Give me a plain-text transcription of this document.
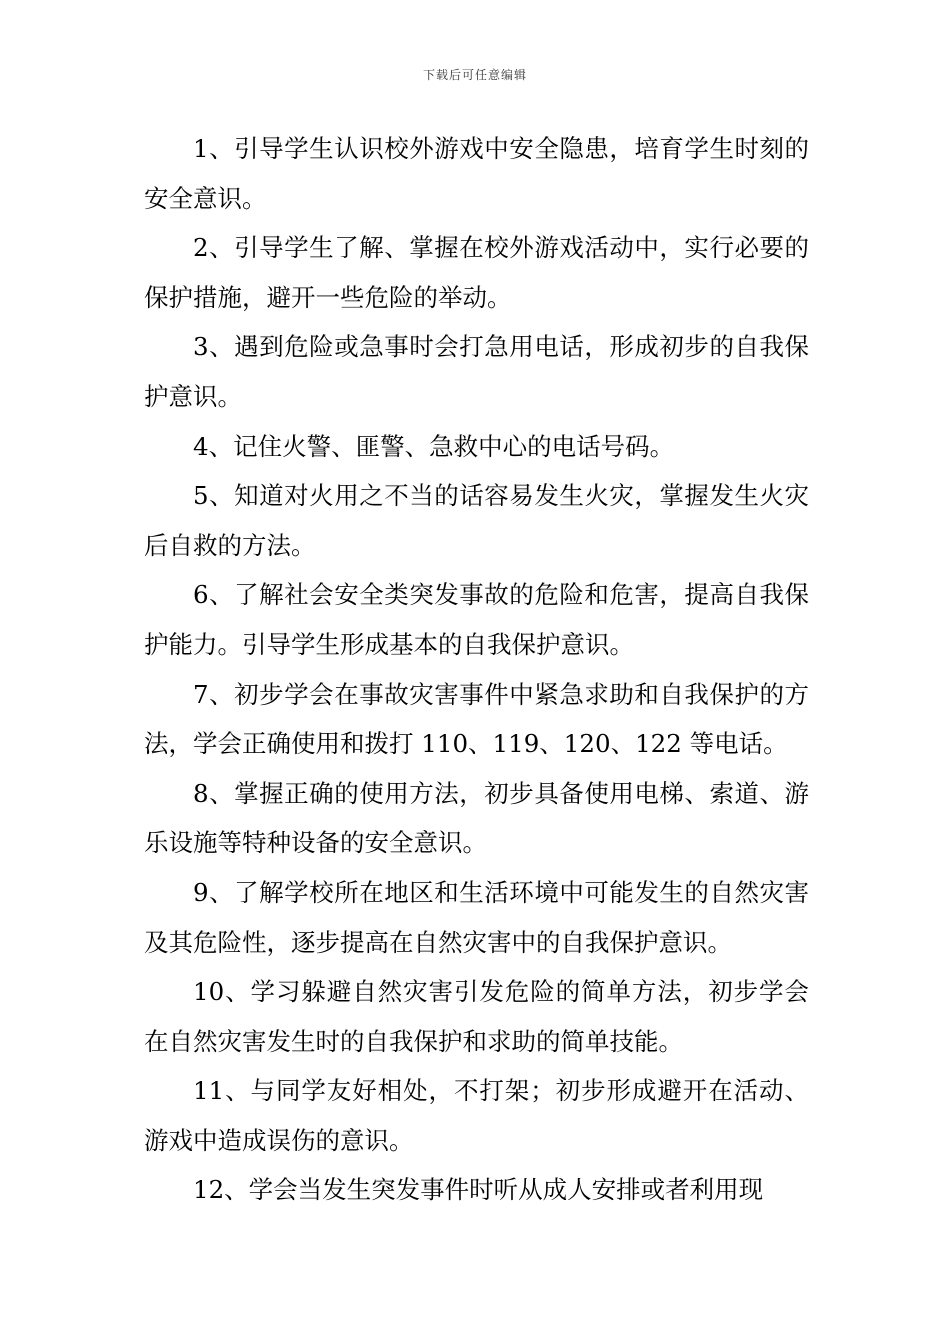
下载后可任意编辑

1、引导学生认识校外游戏中安全隐患，培育学生时刻的安全意识。

2、引导学生了解、掌握在校外游戏活动中，实行必要的保护措施，避开一些危险的举动。

3、遇到危险或急事时会打急用电话，形成初步的自我保护意识。

4、记住火警、匪警、急救中心的电话号码。

5、知道对火用之不当的话容易发生火灾，掌握发生火灾后自救的方法。

6、了解社会安全类突发事故的危险和危害，提高自我保护能力。引导学生形成基本的自我保护意识。

7、初步学会在事故灾害事件中紧急求助和自我保护的方法，学会正确使用和拨打 110、119、120、122 等电话。

8、掌握正确的使用方法，初步具备使用电梯、索道、游乐设施等特种设备的安全意识。

9、了解学校所在地区和生活环境中可能发生的自然灾害及其危险性，逐步提高在自然灾害中的自我保护意识。

10、学习躲避自然灾害引发危险的简单方法，初步学会在自然灾害发生时的自我保护和求助的简单技能。

11、与同学友好相处，不打架；初步形成避开在活动、游戏中造成误伤的意识。

12、学会当发生突发事件时听从成人安排或者利用现
